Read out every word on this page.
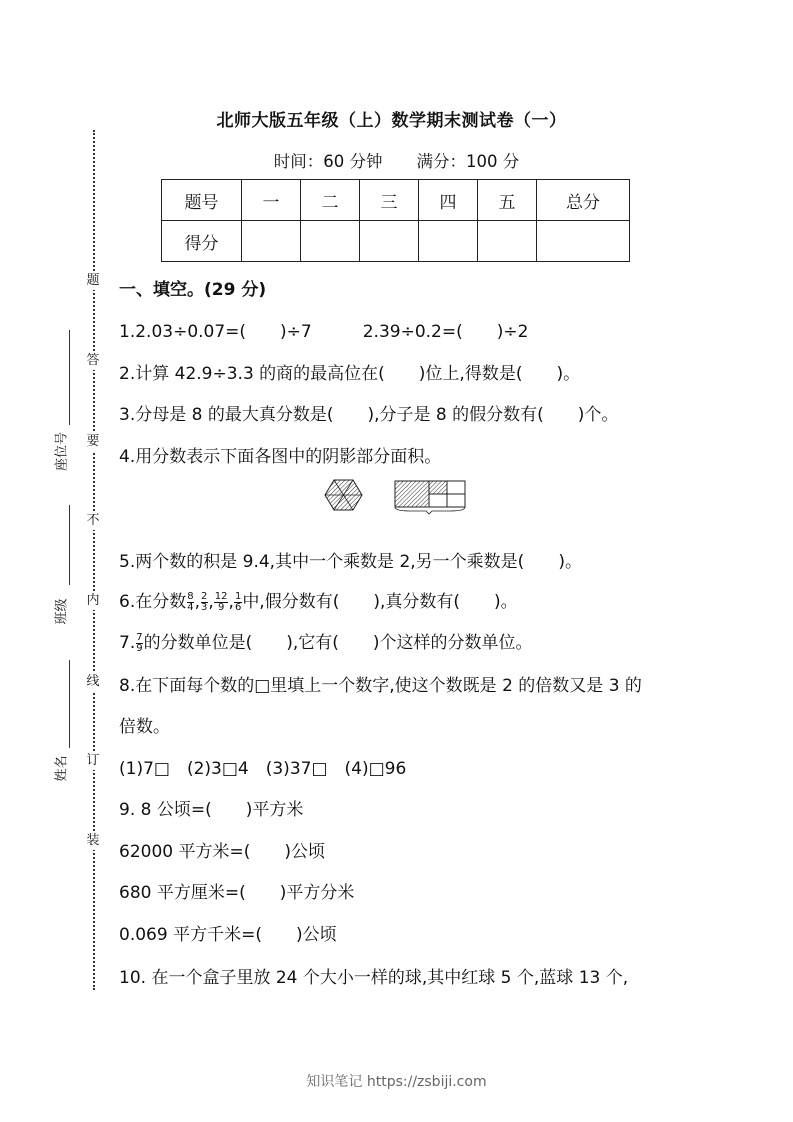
题
答
要
不
内
线
订
装
座位号
班级
姓名
北师大版五年级（上）数学期末测试卷（一）
时间：60 分钟 满分：100 分
题号	一	二	三	四	五	总分
得分						
一、填空。(29 分)
1.2.03÷0.07=(　　)÷7　　　2.39÷0.2=(　　)÷2
2.计算 42.9÷3.3 的商的最高位在(　　)位上,得数是(　　)。
3.分母是 8 的最大真分数是(　　),分子是 8 的假分数有(　　)个。
4.用分数表示下面各图中的阴影部分面积。
5.两个数的积是 9.4,其中一个乘数是 2,另一个乘数是(　　)。
6.在分数 $\frac{8}{4}$ , $\frac{2}{3}$ , $\frac{12}{9}$ , $\frac{1}{6}$ 中,假分数有(　　),真分数有(　　)。
7. $\frac{7}{9}$ 的分数单位是(　　),它有(　　)个这样的分数单位。
8.在下面每个数的□里填上一个数字,使这个数既是 2 的倍数又是 3 的
倍数。
(1)7□　(2)3□4　(3)37□　(4)□96
9. 8 公顷=(　　)平方米
62000 平方米=(　　)公顷
680 平方厘米=(　　)平方分米
0.069 平方千米=(　　)公顷
10. 在一个盒子里放 24 个大小一样的球,其中红球 5 个,蓝球 13 个,
知识笔记 https://zsbiji.com
